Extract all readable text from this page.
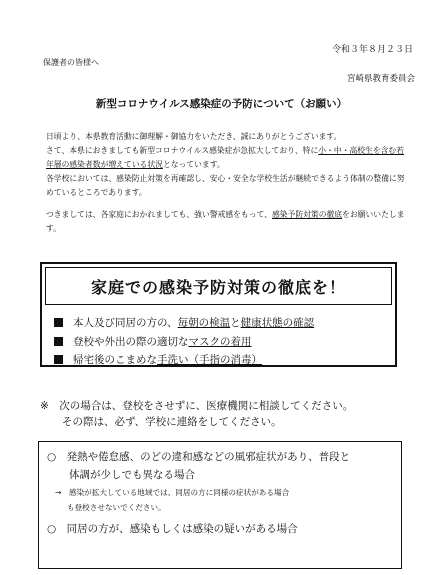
令和３年８月２３日
保護者の皆様へ
宮崎県教育委員会
新型コロナウイルス感染症の予防について（お願い）
日頃より、本県教育活動に御理解・御協力をいただき、誠にありがとうございます。
さて、本県におきましても新型コロナウイルス感染症が急拡大しており、特に小・中・高校生を含む若年層の感染者数が増えている状況となっています。
各学校においては、感染防止対策を再確認し、安心・安全な学校生活が継続できるよう体制の整備に努めているところであります。
つきましては、各家庭におかれましても、強い警戒感をもって、感染予防対策の徹底をお願いいたします。
家庭での感染予防対策の徹底を！
本人及び同居の方の、毎朝の検温と健康状態の確認
登校や外出の際の適切なマスクの着用
帰宅後のこまめな手洗い（手指の消毒）
※　次の場合は、登校をさせずに、医療機関に相談してください。
その際は、必ず、学校に連絡をしてください。
○　発熱や倦怠感、のどの違和感などの風邪症状があり、普段と
体調が少しでも異なる場合
→　感染が拡大している地域では、同居の方に同様の症状がある場合
も登校させないでください。
○　同居の方が、感染もしくは感染の疑いがある場合
